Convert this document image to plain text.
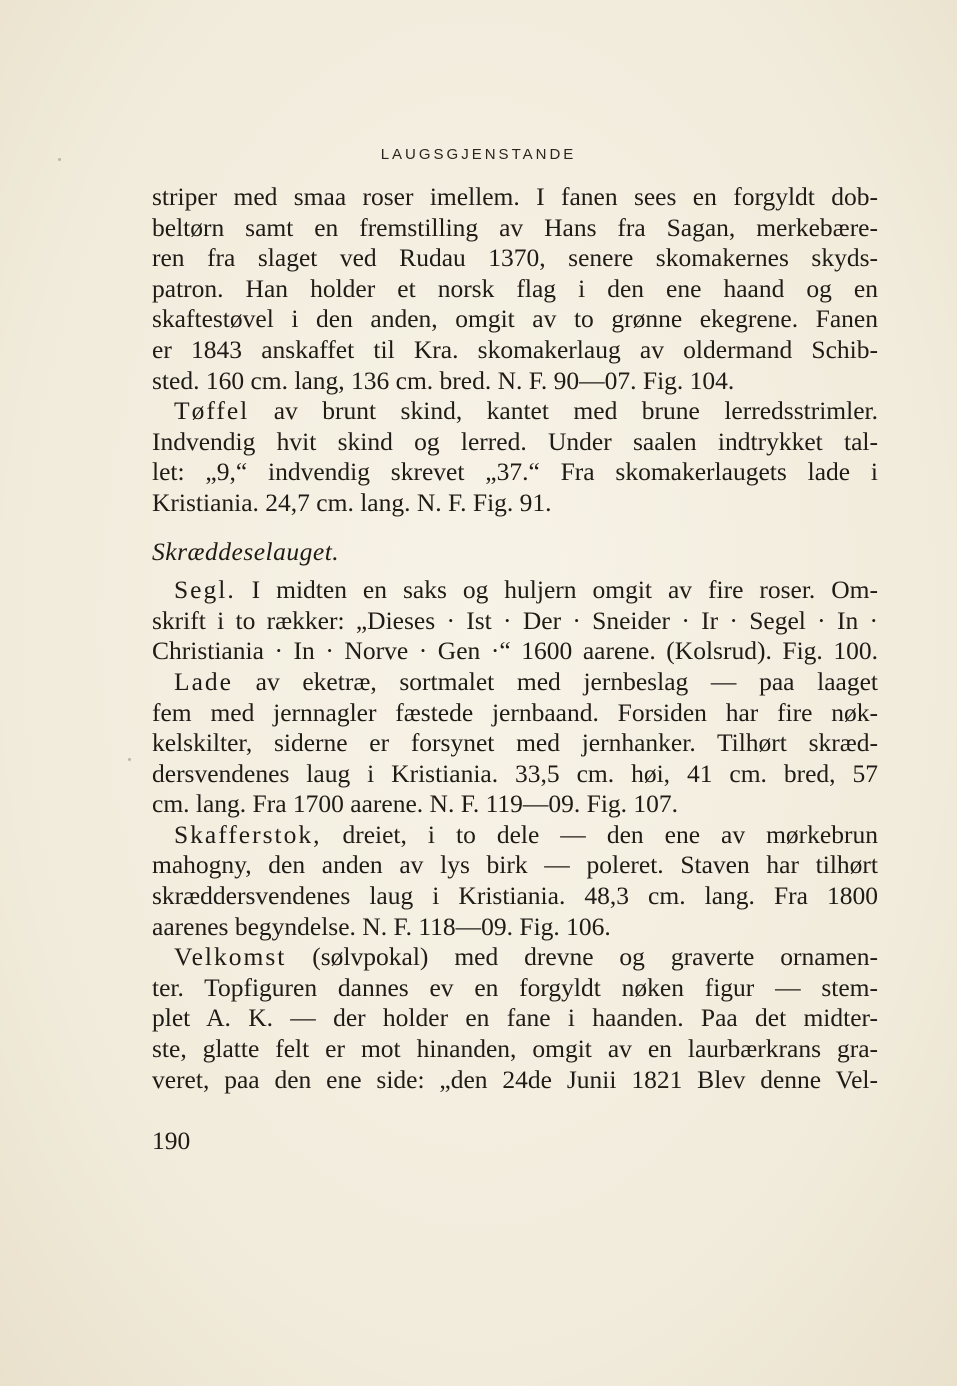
LAUGSGJENSTANDE
striper med smaa roser imellem. I fanen sees en forgyldt dob-
beltørn samt en fremstilling av Hans fra Sagan, merkebære-
ren fra slaget ved Rudau 1370, senere skomakernes skyds-
patron. Han holder et norsk flag i den ene haand og en
skaftestøvel i den anden, omgit av to grønne ekegrene. Fanen
er 1843 anskaffet til Kra. skomakerlaug av oldermand Schib-
sted. 160 cm. lang, 136 cm. bred. N. F. 90—07. Fig. 104.
Tøffel av brunt skind, kantet med brune lerredsstrimler.
Indvendig hvit skind og lerred. Under saalen indtrykket tal-
let: „9,“ indvendig skrevet „37.“ Fra skomakerlaugets lade i
Kristiania. 24,7 cm. lang. N. F. Fig. 91.
Skræddeselauget.
Segl. I midten en saks og huljern omgit av fire roser. Om-
skrift i to rækker: „Dieses · Ist · Der · Sneider · Ir · Segel · In ·
Christiania · In · Norve · Gen ·“ 1600 aarene. (Kolsrud). Fig. 100.
Lade av eketræ, sortmalet med jernbeslag — paa laaget
fem med jernnagler fæstede jernbaand. Forsiden har fire nøk-
kelskilter, siderne er forsynet med jernhanker. Tilhørt skræd-
dersvendenes laug i Kristiania. 33,5 cm. høi, 41 cm. bred, 57
cm. lang. Fra 1700 aarene. N. F. 119—09. Fig. 107.
Skafferstok, dreiet, i to dele — den ene av mørkebrun
mahogny, den anden av lys birk — poleret. Staven har tilhørt
skræddersvendenes laug i Kristiania. 48,3 cm. lang. Fra 1800
aarenes begyndelse. N. F. 118—09. Fig. 106.
Velkomst (sølvpokal) med drevne og graverte ornamen-
ter. Topfiguren dannes ev en forgyldt nøken figur — stem-
plet A. K. — der holder en fane i haanden. Paa det midter-
ste, glatte felt er mot hinanden, omgit av en laurbærkrans gra-
veret, paa den ene side: „den 24de Junii 1821 Blev denne Vel-
190
